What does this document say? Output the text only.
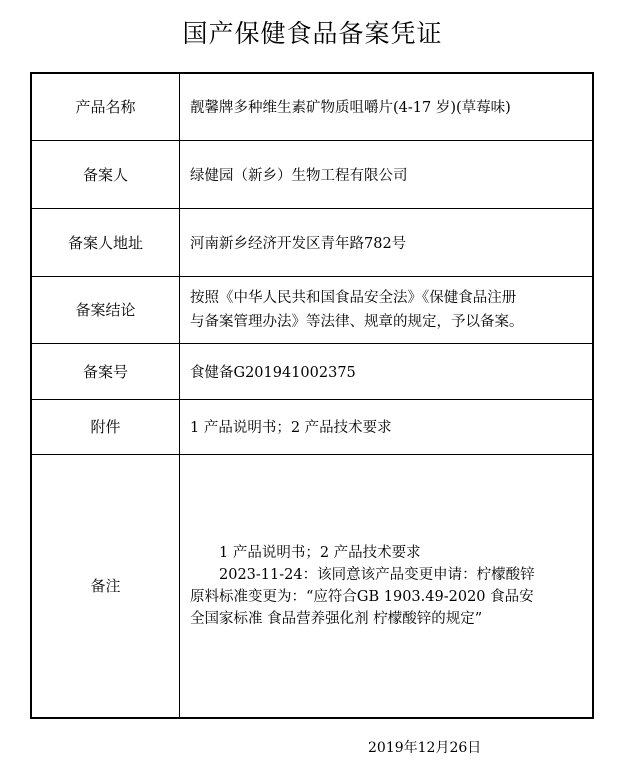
国产保健食品备案凭证
产品名称	靓馨牌多种维生素矿物质咀嚼片(4-17 岁)(草莓味)
备案人	绿健园（新乡）生物工程有限公司
备案人地址	河南新乡经济开发区青年路782号
备案结论	按照《中华人民共和国食品安全法》《保健食品注册
与备案管理办法》等法律、规章的规定，予以备案。

备案号	食健备G201941002375
附件	1 产品说明书；2 产品技术要求
备注	1 产品说明书；2 产品技术要求
2023-11-24：该同意该产品变更申请：柠檬酸锌
原料标准变更为：“应符合GB 1903.49-2020 食品安
全国家标准 食品营养强化剂 柠檬酸锌的规定”
2019年12月26日
